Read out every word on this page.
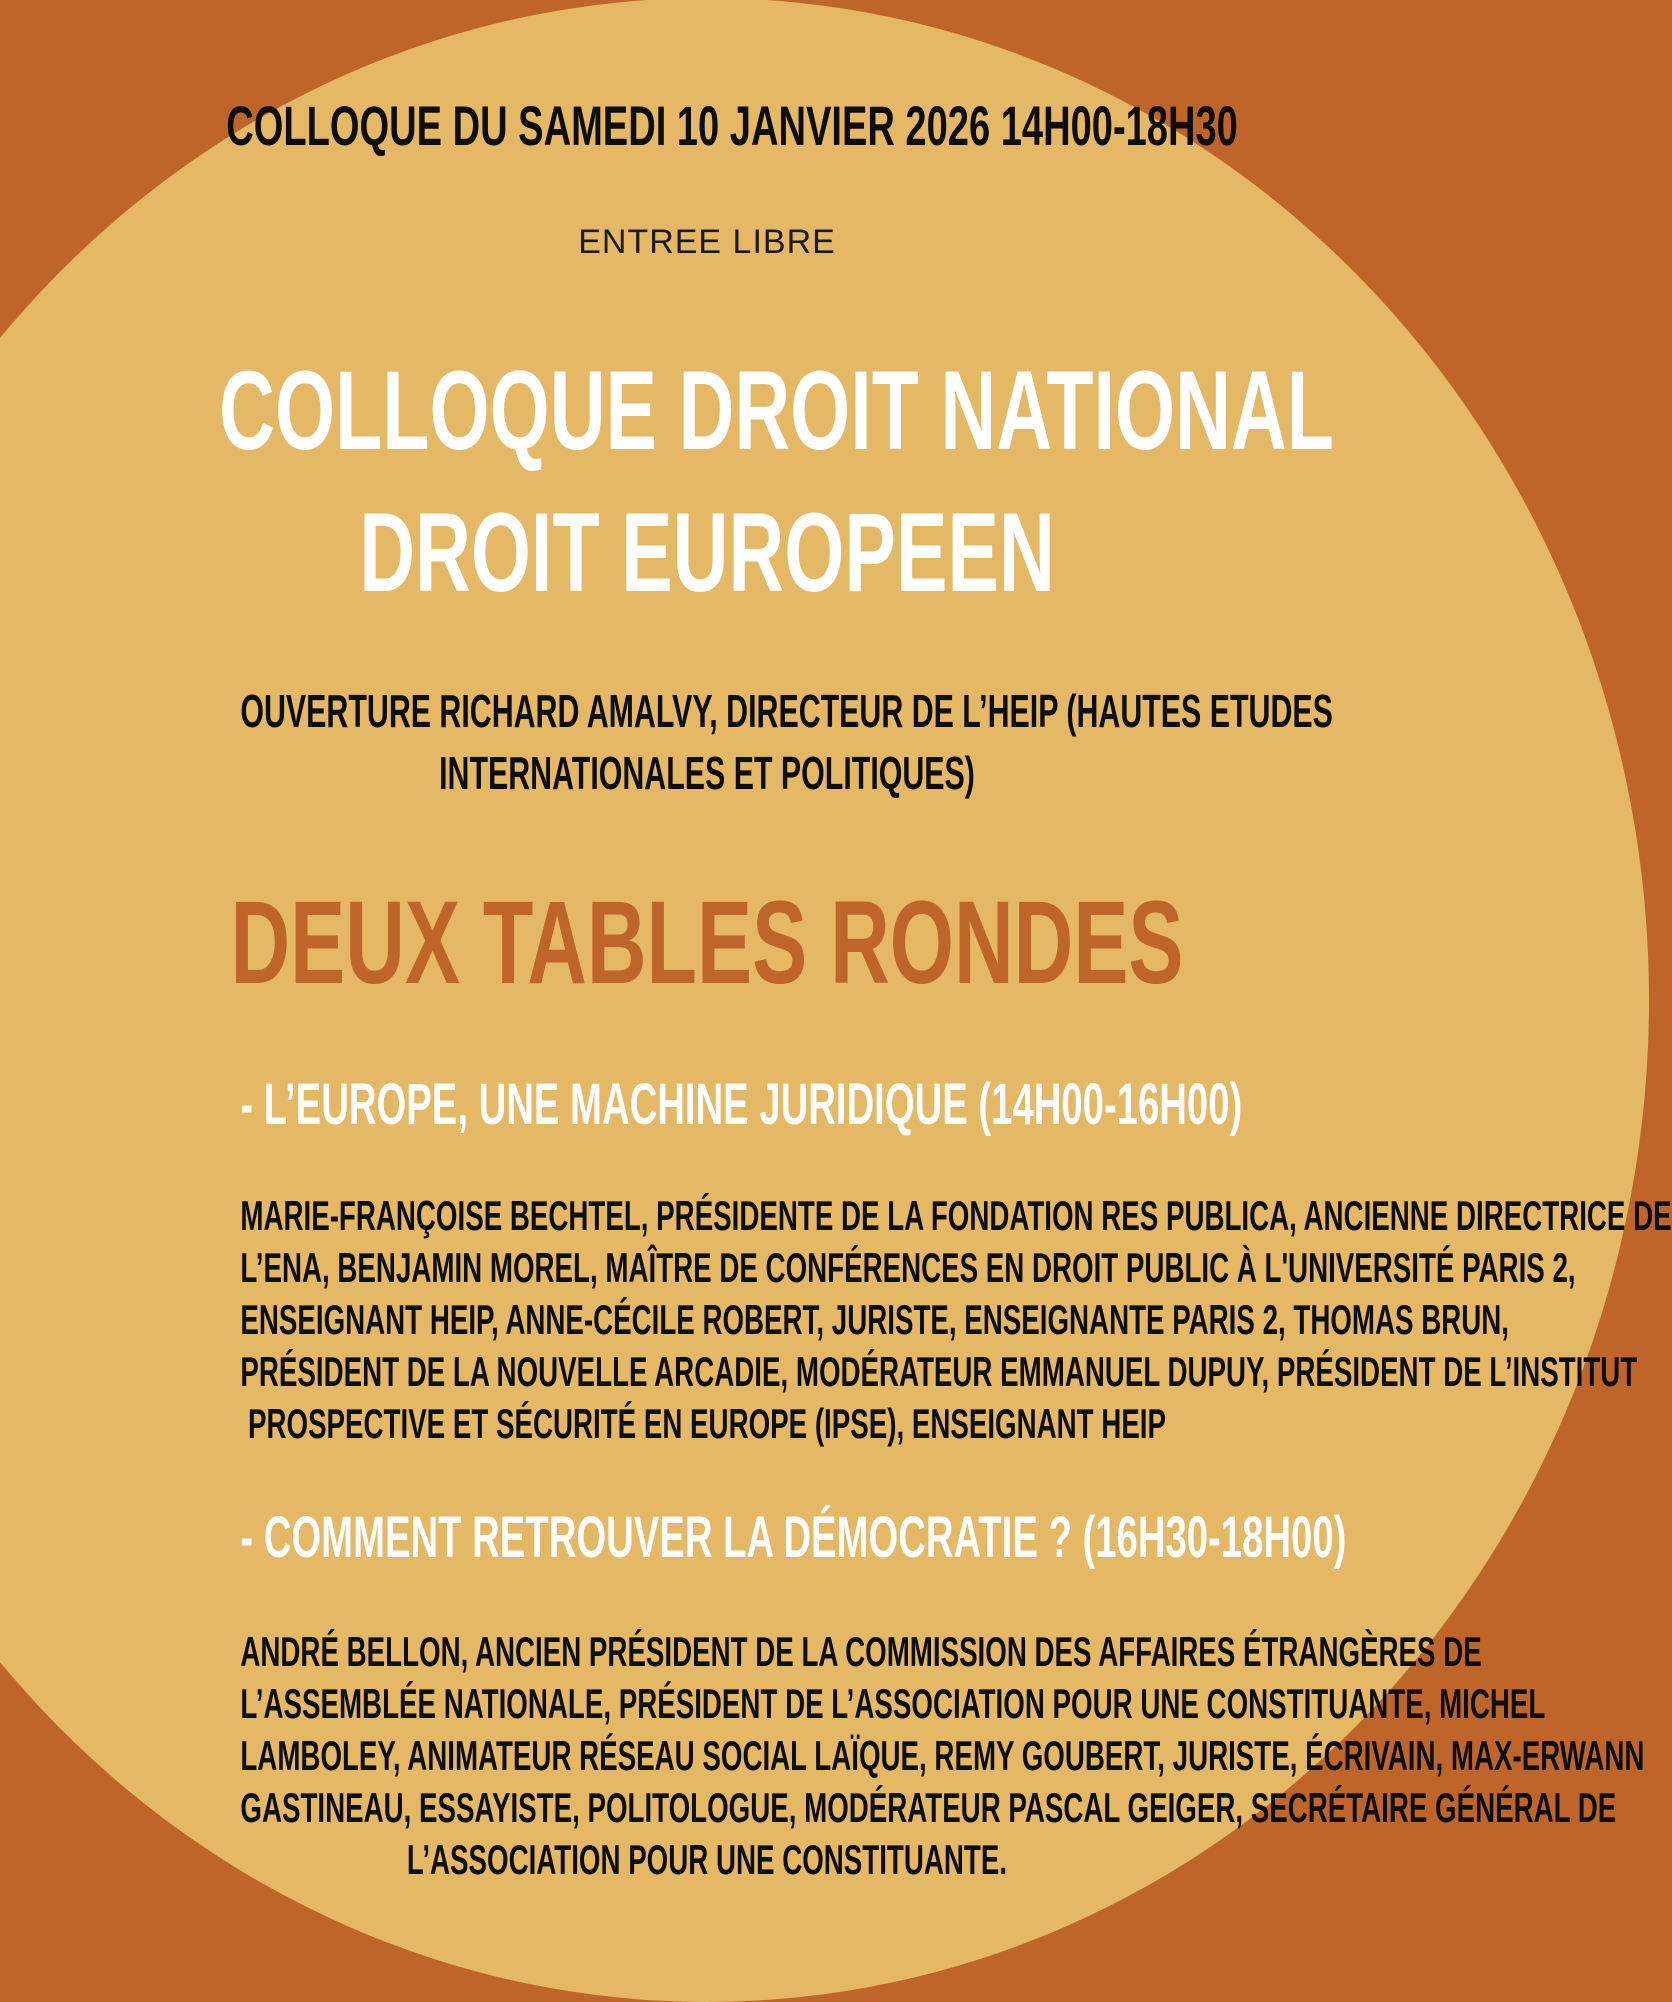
COLLOQUE DU SAMEDI 10 JANVIER 2026 14H00-18H30

ENTREE LIBRE

COLLOQUE DROIT NATIONAL
DROIT EUROPEEN

OUVERTURE RICHARD AMALVY, DIRECTEUR DE L’HEIP (HAUTES ETUDES
INTERNATIONALES ET POLITIQUES)

DEUX TABLES RONDES
- L’EUROPE, UNE MACHINE JURIDIQUE (14H00-16H00)

MARIE-FRANÇOISE BECHTEL, PRÉSIDENTE DE LA FONDATION RES PUBLICA, ANCIENNE DIRECTRICE DE
L’ENA, BENJAMIN MOREL, MAÎTRE DE CONFÉRENCES EN DROIT PUBLIC À L'UNIVERSITÉ PARIS 2,
ENSEIGNANT HEIP, ANNE-CÉCILE ROBERT, JURISTE, ENSEIGNANTE PARIS 2, THOMAS BRUN,
PRÉSIDENT DE LA NOUVELLE ARCADIE, MODÉRATEUR EMMANUEL DUPUY, PRÉSIDENT DE L’INSTITUT
PROSPECTIVE ET SÉCURITÉ EN EUROPE (IPSE), ENSEIGNANT HEIP

- COMMENT RETROUVER LA DÉMOCRATIE ? (16H30-18H00)

ANDRÉ BELLON, ANCIEN PRÉSIDENT DE LA COMMISSION DES AFFAIRES ÉTRANGÈRES DE
L’ASSEMBLÉE NATIONALE, PRÉSIDENT DE L’ASSOCIATION POUR UNE CONSTITUANTE, MICHEL
LAMBOLEY, ANIMATEUR RÉSEAU SOCIAL LAÏQUE, REMY GOUBERT, JURISTE, ÉCRIVAIN, MAX-ERWANN
GASTINEAU, ESSAYISTE, POLITOLOGUE, MODÉRATEUR PASCAL GEIGER, SECRÉTAIRE GÉNÉRAL DE
L’ASSOCIATION POUR UNE CONSTITUANTE.
